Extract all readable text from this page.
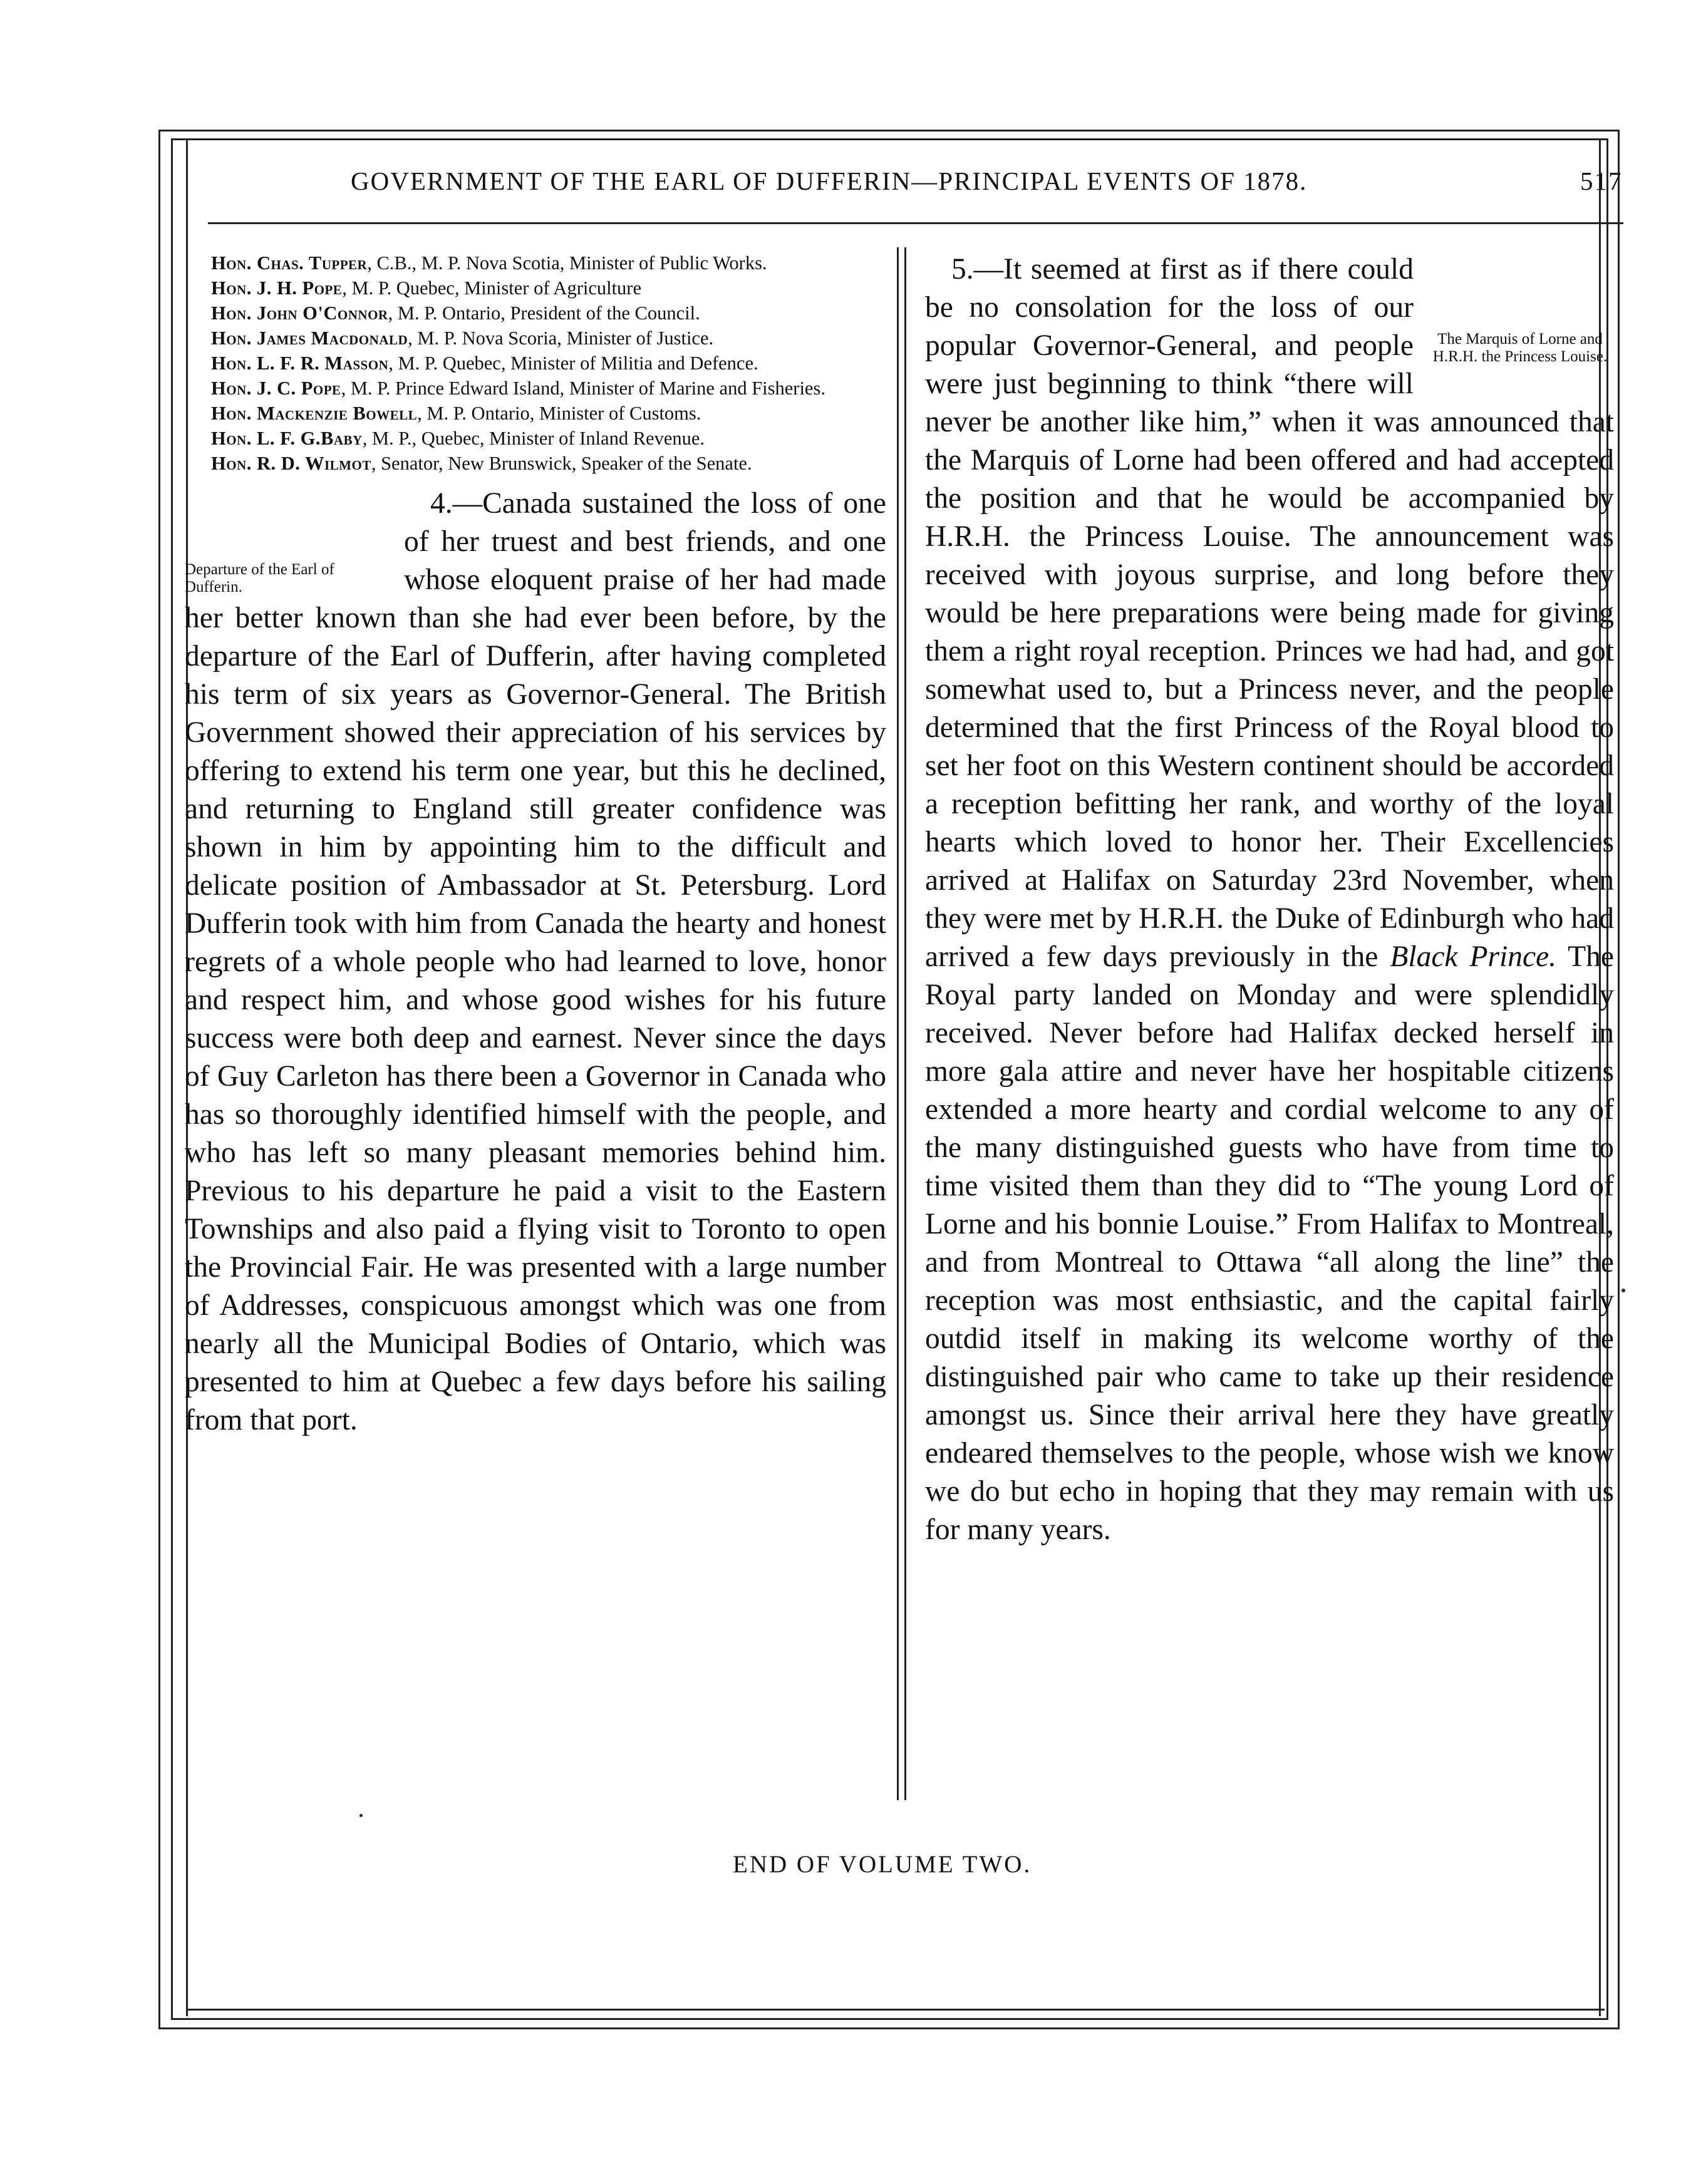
GOVERNMENT OF THE EARL OF DUFFERIN—PRINCIPAL EVENTS OF 1878.	517

Hon. Chas. Tupper, C.B., M. P. Nova Scotia, Minister of Public Works.

Hon. J. H. Pope, M. P. Quebec, Minister of Agriculture

Hon. John O'Connor, M. P. Ontario, President of the Council.

Hon. James Macdonald, M. P. Nova Scoria, Minister of Justice.

Hon. L. F. R. Masson, M. P. Quebec, Minister of Militia and Defence.

Hon. J. C. Pope, M. P. Prince Edward Island, Minister of Marine and Fisheries.

Hon. Mackenzie Bowell, M. P. Ontario, Minister of Customs.

Hon. L. F. G.Baby, M. P., Quebec, Minister of Inland Revenue.

Hon. R. D. Wilmot, Senator, New Brunswick, Speaker of the Senate.

Departure of the Earl of Dufferin.

4.—Canada sustained the loss of one of her truest and best friends, and one whose eloquent praise of her had made her better known than she had ever been before, by the departure of the Earl of Dufferin, after having completed his term of six years as Governor-General. The British Government showed their appreciation of his services by offering to extend his term one year, but this he declined, and returning to England still greater confidence was shown in him by appointing him to the difficult and delicate position of Ambassador at St. Petersburg. Lord Dufferin took with him from Canada the hearty and honest regrets of a whole people who had learned to love, honor and respect him, and whose good wishes for his future success were both deep and earnest. Never since the days of Guy Carleton has there been a Governor in Canada who has so thoroughly identified himself with the people, and who has left so many pleasant memories behind him. Previous to his departure he paid a visit to the Eastern Townships and also paid a flying visit to Toronto to open the Provincial Fair. He was presented with a large number of Addresses, conspicuous amongst which was one from nearly all the Municipal Bodies of Ontario, which was presented to him at Quebec a few days before his sailing from that port.

The Marquis of Lorne and H.R.H. the Princess Louise.

5.—It seemed at first as if there could be no consolation for the loss of our popular Governor-General, and people were just beginning to think “there will never be another like him,” when it was announced that the Marquis of Lorne had been offered and had accepted the position and that he would be accompanied by H.R.H. the Princess Louise. The announcement was received with joyous surprise, and long before they would be here preparations were being made for giving them a right royal reception. Princes we had had, and got somewhat used to, but a Princess never, and the people determined that the first Princess of the Royal blood to set her foot on this Western continent should be accorded a reception befitting her rank, and worthy of the loyal hearts which loved to honor her. Their Excellencies arrived at Halifax on Saturday 23rd November, when they were met by H.R.H. the Duke of Edinburgh who had arrived a few days previously in the Black Prince. The Royal party landed on Monday and were splendidly received. Never before had Halifax decked herself in more gala attire and never have her hospitable citizens extended a more hearty and cordial welcome to any of the many distinguished guests who have from time to time visited them than they did to “The young Lord of Lorne and his bonnie Louise.” From Halifax to Montreal, and from Montreal to Ottawa “all along the line” the reception was most enthsiastic, and the capital fairly outdid itself in making its welcome worthy of the distinguished pair who came to take up their residence amongst us. Since their arrival here they have greatly endeared themselves to the people, whose wish we know we do but echo in hoping that they may remain with us for many years.

END OF VOLUME TWO.
